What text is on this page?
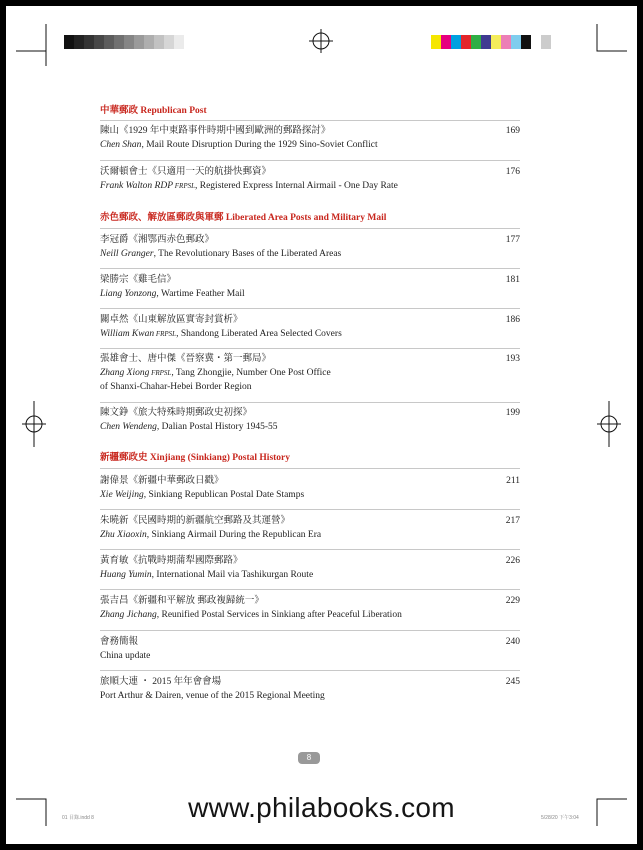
中華郵政 Republican Post
陳山《1929 年中東路事件時期中國到歐洲的郵路探討》
Chen Shan, Mail Route Disruption During the 1929 Sino-Soviet Conflict
169
沃爾頓會士《只適用一天的航掛快郵資》
Frank Walton RDP FRPSL, Registered Express Internal Airmail - One Day Rate
176
赤色郵政、解放區郵政與軍郵 Liberated Area Posts and Military Mail
李冠爵《湘鄂西赤色郵政》
Neill Granger, The Revolutionary Bases of the Liberated Areas
177
梁勝宗《雞毛信》
Liang Yonzong, Wartime Feather Mail
181
關卓然《山東解放區實寄封賞析》
William Kwan FRPSL, Shandong Liberated Area Selected Covers
186
張雄會士、唐中傑《晉察冀・第一郵局》
Zhang Xiong FRPSL, Tang Zhongjie, Number One Post Office
of Shanxi-Chahar-Hebei Border Region
193
陳文錚《旅大特殊時期郵政史初探》
Chen Wendeng, Dalian Postal History 1945-55
199
新疆郵政史 Xinjiang (Sinkiang) Postal History
謝偉景《新疆中華郵政日戳》
Xie Weijing, Sinkiang Republican Postal Date Stamps
211
朱曉新《民國時期的新疆航空郵路及其運營》
Zhu Xiaoxin, Sinkiang Airmail During the Republican Era
217
黃育敏《抗戰時期蒲犁國際郵路》
Huang Yumin, International Mail via Tashikurgan Route
226
張吉昌《新疆和平解放 郵政複歸統一》
Zhang Jichang, Reunified Postal Services in Sinkiang after Peaceful Liberation
229
會務簡報
China update
240
旅順大連 ・ 2015 年年會會場
Port Arthur & Dairen, venue of the 2015 Regional Meeting
245
8
01 目錄.indd 8	5/28/20 下午3:04
www.philabooks.com
